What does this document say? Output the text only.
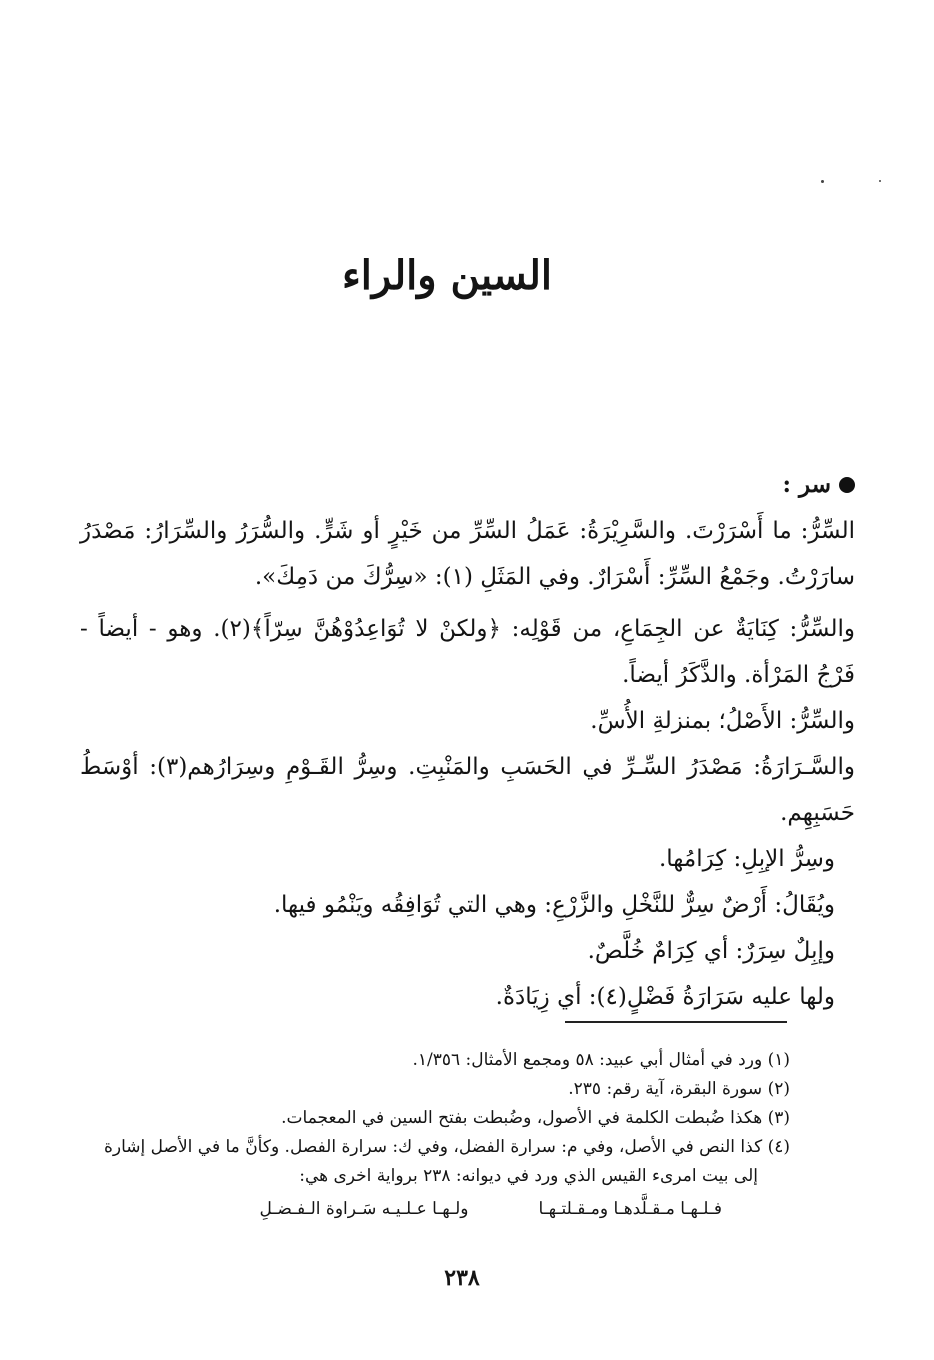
السين والراء
سر :

السِّرُّ: ما أَسْرَرْتَ. والسَّرِيْرَةُ: عَمَلُ السِّرِّ من خَيْرٍ أو شَرٍّ. والسُّرَرُ والسِّرَارُ: مَصْدَرُ سارَرْتُ. وجَمْعُ السِّرِّ: أَسْرَارٌ. وفي المَثَلِ (١): «سِرُّكَ من دَمِكَ».

والسِّرُّ: كِنَايَةٌ عن الجِمَاعِ، من قَوْلِه: ﴿ولكنْ لا تُوَاعِدُوْهُنَّ سِرّاً﴾(٢). وهو - أيضاً - فَرْجُ المَرْأة. والذَّكَرُ أيضاً.

والسِّرُّ: الأَصْلُ؛ بمنزلةِ الأُسِّ.

والسَّـرَارَةُ: مَصْدَرُ السِّـرِّ في الحَسَبِ والمَنْبِتِ. وسِرُّ القَـوْمِ وسِرَارُهم(٣): أوْسَطُ حَسَبِهِم.

وسِرُّ الإبِلِ: كِرَامُها.

ويُقَالُ: أَرْضٌ سِرٌّ للنَّخْلِ والزَّرْعِ: وهي التي تُوَافِقُه ويَنْمُو فيها.

وإبِلٌ سِرَرٌ: أي كِرَامٌ خُلَّصٌ.

ولها عليه سَرَارَةُ فَضْلٍ(٤): أي زِيَادَةٌ.

(١) ورد في أمثال أبي عبيد: ٥٨ ومجمع الأمثال: ١/٣٥٦.

(٢) سورة البقرة، آية رقم: ٢٣٥.

(٣) هكذا ضُبطت الكلمة في الأصول، وضُبطت بفتح السين في المعجمات.

(٤) كذا النص في الأصل، وفي م: سرارة الفضل، وفي ك: سرارة الفصل. وكأنَّ ما في الأصل إشارة

إلى بيت امرىء القيس الذي ورد في ديوانه: ٢٣٨ برواية اخرى هي:

فـلـهـا مـقـلَّدهـا ومـقـلتـهـا
ولـهـا عـلـيـه سَـراوة الـفـضـلِ
٢٣٨
